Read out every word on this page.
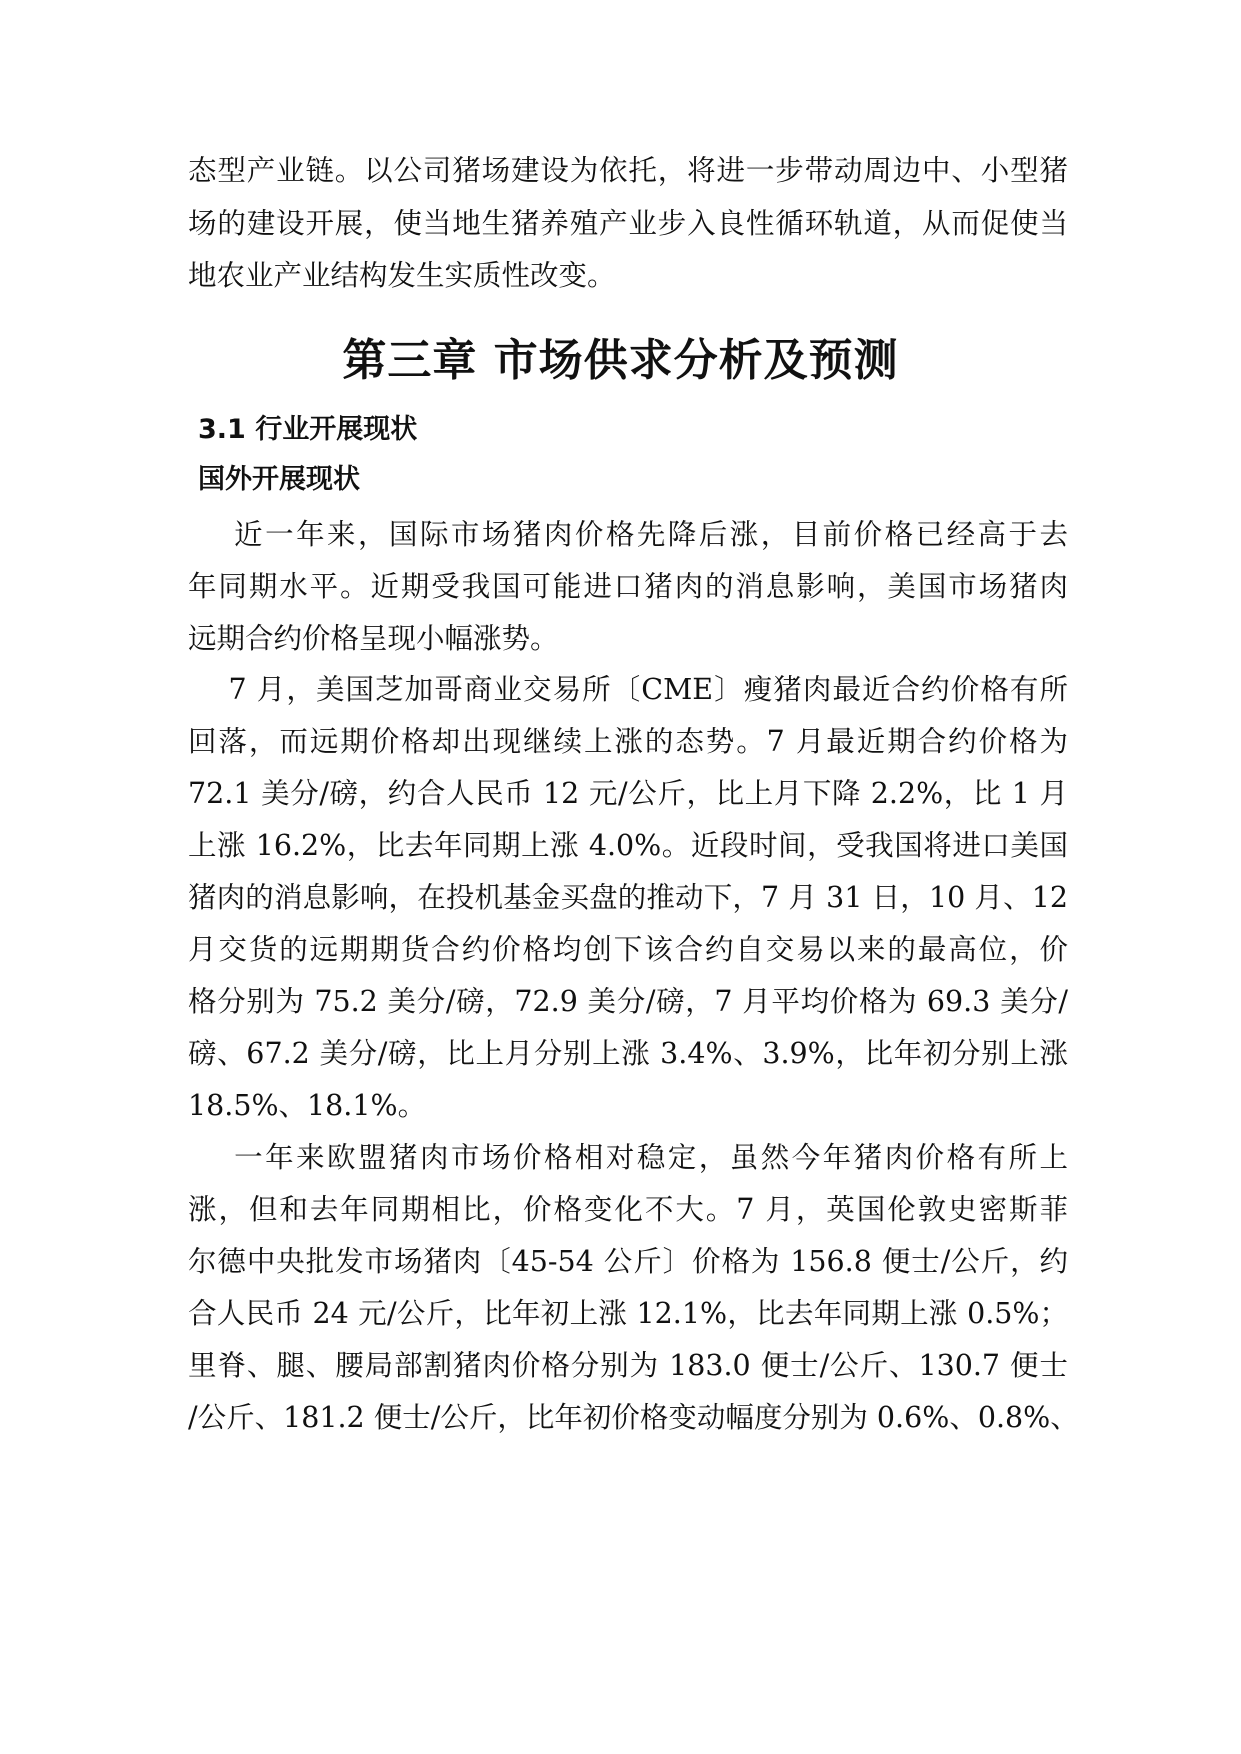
态型产业链。以公司猪场建设为依托，将进一步带动周边中、小型猪
场的建设开展，使当地生猪养殖产业步入良性循环轨道，从而促使当
地农业产业结构发生实质性改变。
第三章 市场供求分析及预测
3.1 行业开展现状
国外开展现状
近一年来，国际市场猪肉价格先降后涨，目前价格已经高于去
年同期水平。近期受我国可能进口猪肉的消息影响，美国市场猪肉
远期合约价格呈现小幅涨势。
7 月，美国芝加哥商业交易所〔CME〕瘦猪肉最近合约价格有所
回落，而远期价格却出现继续上涨的态势。7 月最近期合约价格为
72.1 美分/磅，约合人民币 12 元/公斤，比上月下降 2.2%，比 1 月
上涨 16.2%，比去年同期上涨 4.0%。近段时间，受我国将进口美国
猪肉的消息影响，在投机基金买盘的推动下，7 月 31 日，10 月、12
月交货的远期期货合约价格均创下该合约自交易以来的最高位，价
格分别为 75.2 美分/磅，72.9 美分/磅，7 月平均价格为 69.3 美分/
磅、67.2 美分/磅，比上月分别上涨 3.4%、3.9%，比年初分别上涨
18.5%、18.1%。
一年来欧盟猪肉市场价格相对稳定，虽然今年猪肉价格有所上
涨，但和去年同期相比，价格变化不大。7 月，英国伦敦史密斯菲
尔德中央批发市场猪肉〔45-54 公斤〕价格为 156.8 便士/公斤，约
合人民币 24 元/公斤，比年初上涨 12.1%，比去年同期上涨 0.5%；
里脊、腿、腰局部割猪肉价格分别为 183.0 便士/公斤、130.7 便士
/公斤、181.2 便士/公斤，比年初价格变动幅度分别为 0.6%、0.8%、
